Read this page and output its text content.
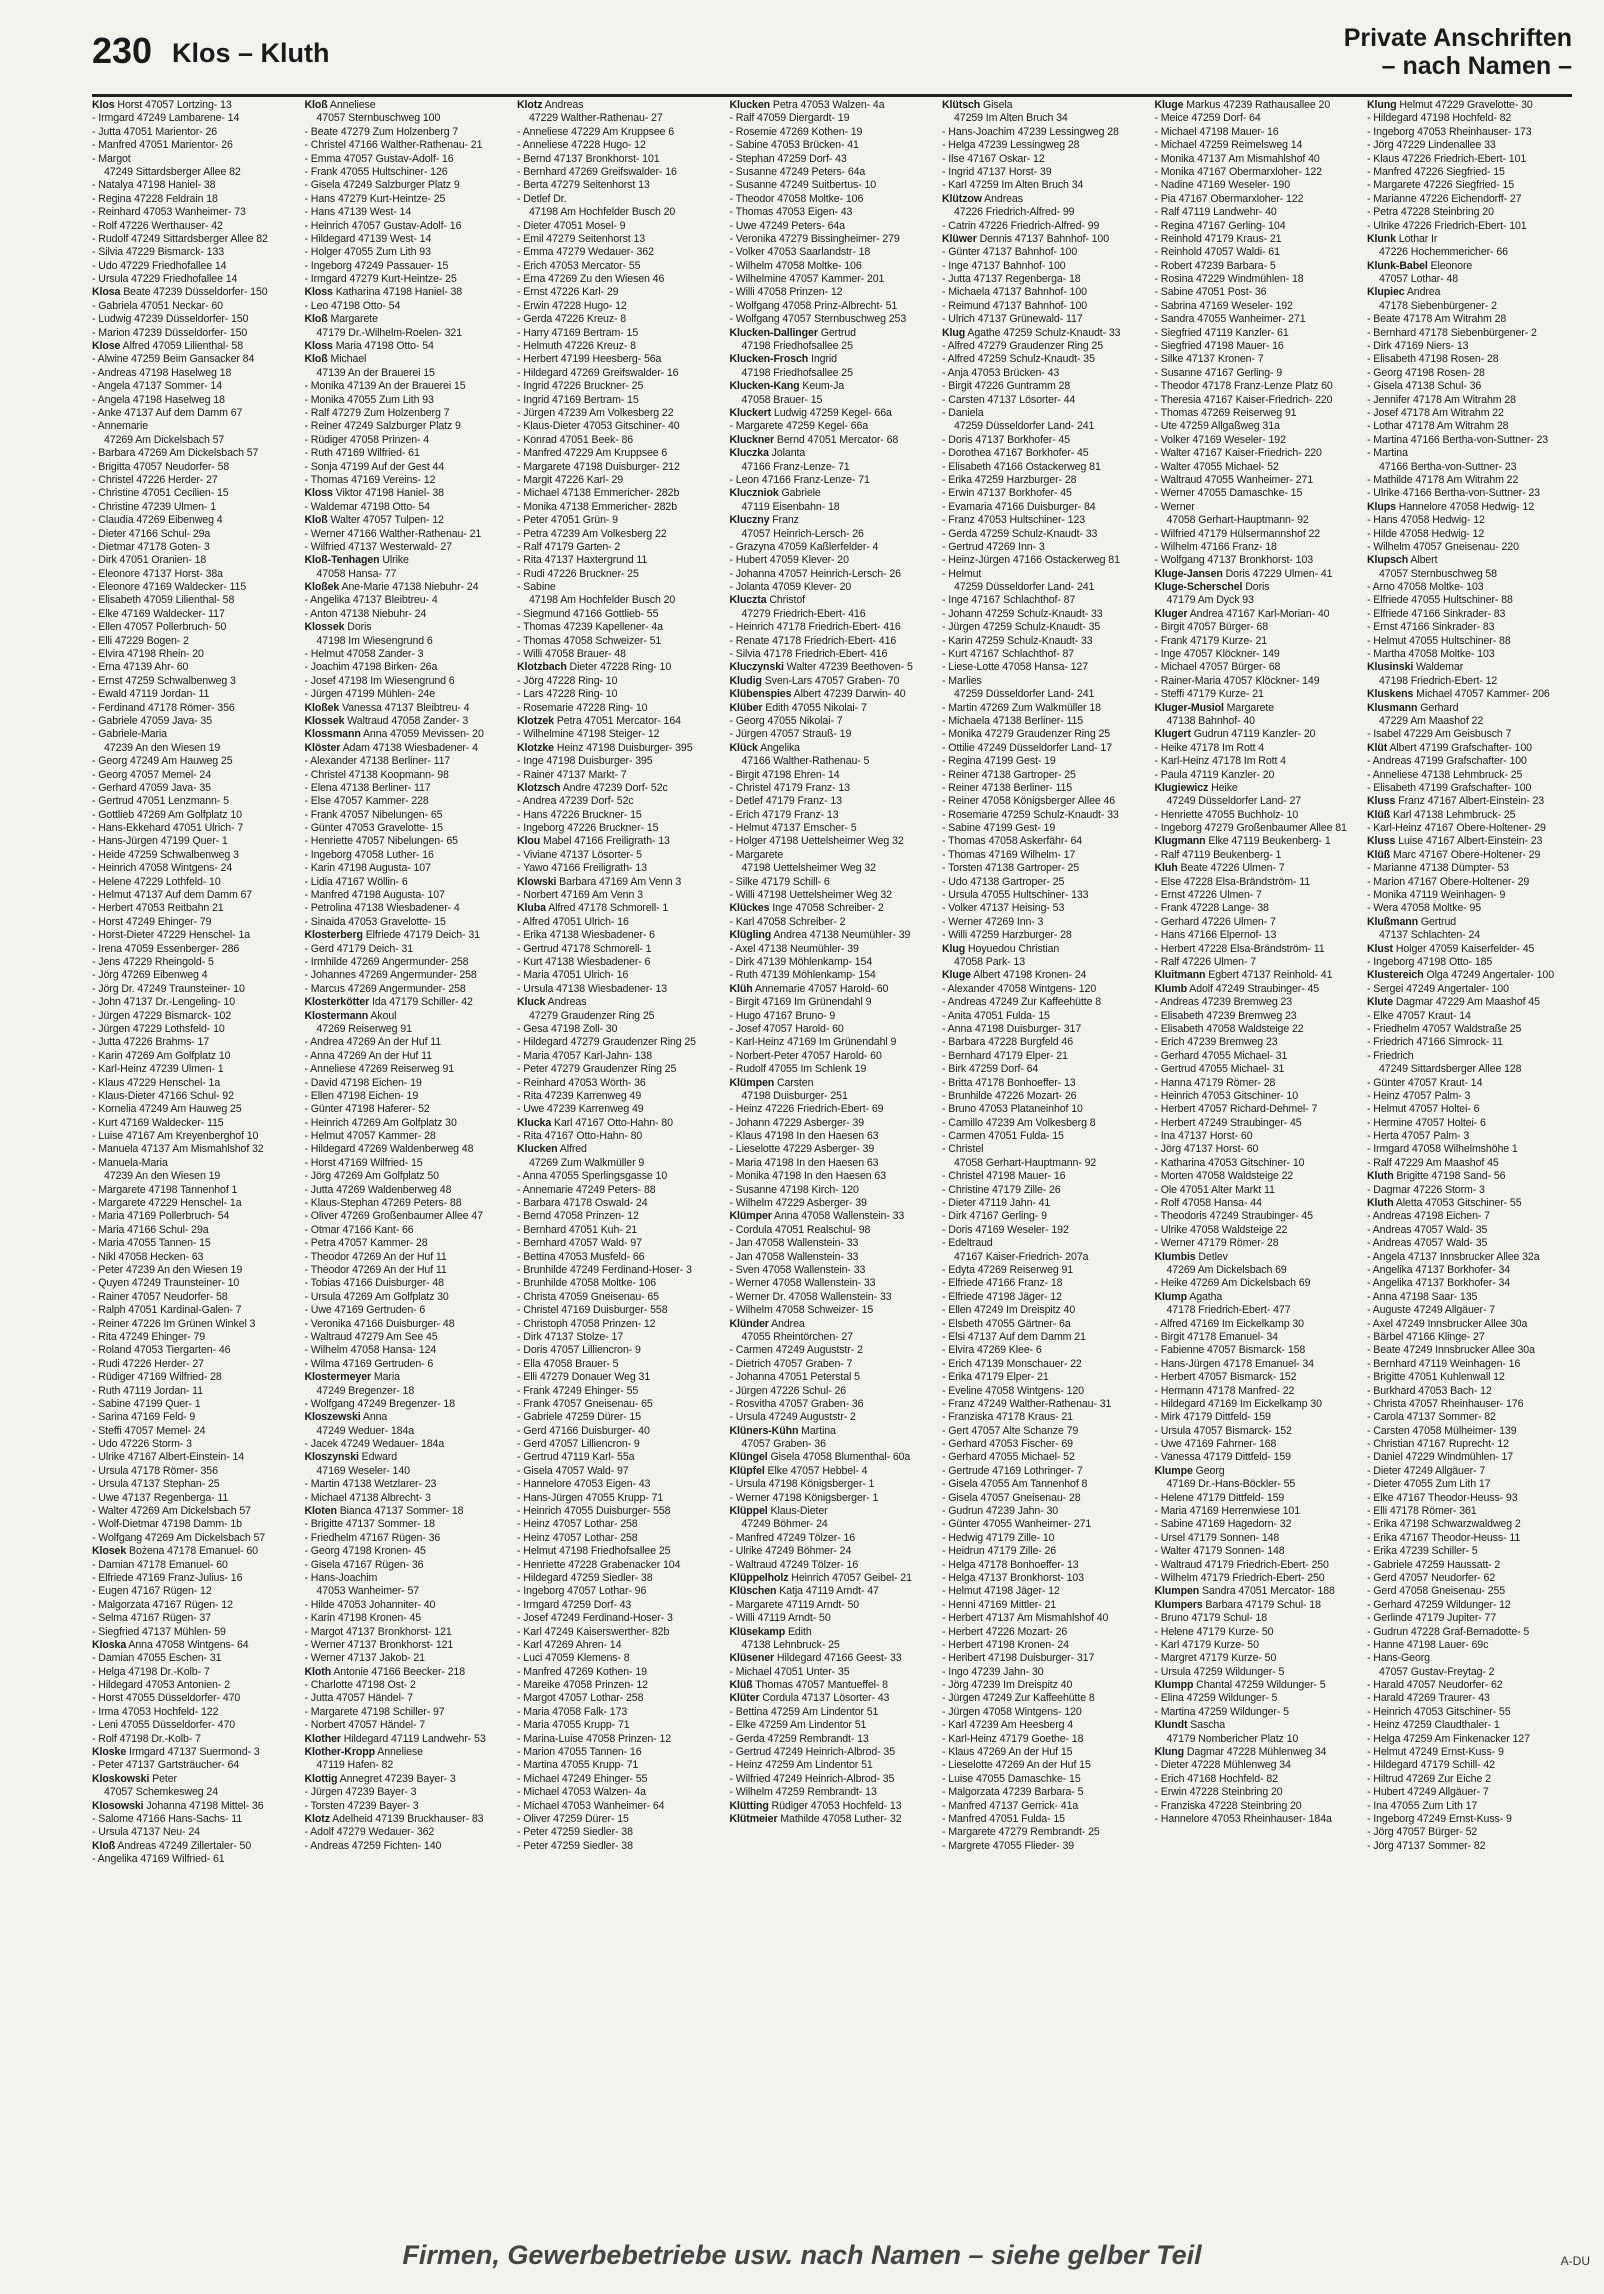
230 Klos – Kluth	Private Anschriften
– nach Namen –
Klos Horst 47057 Lortzing- 13
- Irmgard 47249 Lambarene- 14
- Jutta 47051 Marientor- 26
- Manfred 47051 Marientor- 26
- Margot
47249 Sittardsberger Allee 82
- Natalya 47198 Haniel- 38
- Regina 47228 Feldrain 18
- Reinhard 47053 Wanheimer- 73
- Rolf 47226 Werthauser- 42
- Rudolf 47249 Sittardsberger Allee 82
- Silvia 47229 Bismarck- 133
- Udo 47229 Friedhofallee 14
- Ursula 47229 Friedhofallee 14
Klosa Beate 47239 Düsseldorfer- 150
- Gabriela 47051 Neckar- 60
- Ludwig 47239 Düsseldorfer- 150
- Marion 47239 Düsseldorfer- 150
Klose Alfred 47059 Lilienthal- 58
- Alwine 47259 Beim Gansacker 84
- Andreas 47198 Haselweg 18
- Angela 47137 Sommer- 14
- Angela 47198 Haselweg 18
- Anke 47137 Auf dem Damm 67
- Annemarie
47269 Am Dickelsbach 57
- Barbara 47269 Am Dickelsbach 57
- Brigitta 47057 Neudorfer- 58
- Christel 47226 Herder- 27
- Christine 47051 Cecilien- 15
- Christine 47239 Ulmen- 1
- Claudia 47269 Eibenweg 4
- Dieter 47166 Schul- 29a
- Dietmar 47178 Goten- 3
- Dirk 47051 Oranien- 18
- Eleonore 47137 Horst- 38a
- Eleonore 47169 Waldecker- 115
- Elisabeth 47059 Lilienthal- 58
- Elke 47169 Waldecker- 117
- Ellen 47057 Pollerbruch- 50
- Elli 47229 Bogen- 2
- Elvira 47198 Rhein- 20
- Erna 47139 Ahr- 60
- Ernst 47259 Schwalbenweg 3
- Ewald 47119 Jordan- 11
- Ferdinand 47178 Römer- 356
- Gabriele 47059 Java- 35
- Gabriele-Maria
47239 An den Wiesen 19
- Georg 47249 Am Hauweg 25
- Georg 47057 Memel- 24
- Gerhard 47059 Java- 35
- Gertrud 47051 Lenzmann- 5
- Gottlieb 47269 Am Golfplatz 10
- Hans-Ekkehard 47051 Ulrich- 7
- Hans-Jürgen 47199 Quer- 1
- Heide 47259 Schwalbenweg 3
- Heinrich 47058 Wintgens- 24
- Helene 47229 Lothfeld- 10
- Helmut 47137 Auf dem Damm 67
- Herbert 47053 Reitbahn 21
- Horst 47249 Ehinger- 79
- Horst-Dieter 47229 Henschel- 1a
- Irena 47059 Essenberger- 286
- Jens 47229 Rheingold- 5
- Jörg 47269 Eibenweg 4
- Jörg Dr. 47249 Traunsteiner- 10
- John 47137 Dr.-Lengeling- 10
- Jürgen 47229 Bismarck- 102
- Jürgen 47229 Lothsfeld- 10
- Jutta 47226 Brahms- 17
- Karin 47269 Am Golfplatz 10
- Karl-Heinz 47239 Ulmen- 1
- Klaus 47229 Henschel- 1a
- Klaus-Dieter 47166 Schul- 92
- Kornelia 47249 Am Hauweg 25
- Kurt 47169 Waldecker- 115
- Luise 47167 Am Kreyenberghof 10
- Manuela 47137 Am Mismahlshof 32
- Manuela-Maria
47239 An den Wiesen 19
- Margarete 47198 Tannenhof 1
- Margarete 47229 Henschel- 1a
- Maria 47169 Pollerbruch- 54
- Maria 47166 Schul- 29a
- Maria 47055 Tannen- 15
- Nikl 47058 Hecken- 63
- Peter 47239 An den Wiesen 19
- Quyen 47249 Traunsteiner- 10
- Rainer 47057 Neudorfer- 58
- Ralph 47051 Kardinal-Galen- 7
- Reiner 47226 Im Grünen Winkel 3
- Rita 47249 Ehinger- 79
- Roland 47053 Tiergarten- 46
- Rudi 47226 Herder- 27
- Rüdiger 47169 Wilfried- 28
- Ruth 47119 Jordan- 11
- Sabine 47199 Quer- 1
- Sarina 47169 Feld- 9
- Steffi 47057 Memel- 24
- Udo 47226 Storm- 3
- Ulrike 47167 Albert-Einstein- 14
- Ursula 47178 Römer- 356
- Ursula 47137 Stephan- 25
- Uwe 47137 Regenberga- 11
- Walter 47269 Am Dickelsbach 57
- Wolf-Dietmar 47198 Damm- 1b
- Wolfgang 47269 Am Dickelsbach 57
Klosek Bożena 47178 Emanuel- 60
- Damian 47178 Emanuel- 60
- Elfriede 47169 Franz-Julius- 16
- Eugen 47167 Rügen- 12
- Malgorzata 47167 Rügen- 12
- Selma 47167 Rügen- 37
- Siegfried 47137 Mühlen- 59
Kloska Anna 47058 Wintgens- 64
- Damian 47055 Eschen- 31
- Helga 47198 Dr.-Kolb- 7
- Hildegard 47053 Antonien- 2
- Horst 47055 Düsseldorfer- 470
- Irma 47053 Hochfeld- 122
- Leni 47055 Düsseldorfer- 470
- Rolf 47198 Dr.-Kolb- 7
Kloske Irmgard 47137 Suermond- 3
- Peter 47137 Gartsträucher- 64
Kloskowski Peter
47057 Schemkesweg 24
Klosowski Johanna 47198 Mittel- 36
- Salome 47166 Hans-Sachs- 11
- Ursula 47137 Neu- 24
Kloß Andreas 47249 Zillertaler- 50
- Angelika 47169 Wilfried- 61
Kloß Anneliese
47057 Sternbuschweg 100
- Beate 47279 Zum Holzenberg 7
- Christel 47166 Walther-Rathenau- 21
- Emma 47057 Gustav-Adolf- 16
- Frank 47055 Hultschiner- 126
- Gisela 47249 Salzburger Platz 9
- Hans 47279 Kurt-Heintze- 25
- Hans 47139 West- 14
- Heinrich 47057 Gustav-Adolf- 16
- Hildegard 47139 West- 14
- Holger 47055 Zum Lith 93
- Ingeborg 47249 Passauer- 15
- Irmgard 47279 Kurt-Heintze- 25
Kloss Katharina 47198 Haniel- 38
- Leo 47198 Otto- 54
Kloß Margarete
47179 Dr.-Wilhelm-Roelen- 321
Kloss Maria 47198 Otto- 54
Kloß Michael
47139 An der Brauerei 15
- Monika 47139 An der Brauerei 15
- Monika 47055 Zum Lith 93
- Ralf 47279 Zum Holzenberg 7
- Reiner 47249 Salzburger Platz 9
- Rüdiger 47058 Prinzen- 4
- Ruth 47169 Wilfried- 61
- Sonja 47199 Auf der Gest 44
- Thomas 47169 Vereins- 12
Kloss Viktor 47198 Haniel- 38
- Waldemar 47198 Otto- 54
Kloß Walter 47057 Tulpen- 12
- Werner 47166 Walther-Rathenau- 21
- Wilfried 47137 Westerwald- 27
Kloß-Tenhagen Ulrike
47058 Hansa- 77
Kloßek Ane-Marie 47138 Niebuhr- 24
- Angelika 47137 Bleibtreu- 4
- Anton 47138 Niebuhr- 24
Klossek Doris
47198 Im Wiesengrund 6
- Helmut 47058 Zander- 3
- Joachim 47198 Birken- 26a
- Josef 47198 Im Wiesengrund 6
- Jürgen 47199 Mühlen- 24e
Kloßek Vanessa 47137 Bleibtreu- 4
Klossek Waltraud 47058 Zander- 3
Klossmann Anna 47059 Mevissen- 20
Klöster Adam 47138 Wiesbadener- 4
- Alexander 47138 Berliner- 117
- Christel 47138 Koopmann- 98
- Elena 47138 Berliner- 117
- Else 47057 Kammer- 228
- Frank 47057 Nibelungen- 65
- Günter 47053 Gravelotte- 15
- Henriette 47057 Nibelungen- 65
- Ingeborg 47058 Luther- 16
- Karin 47198 Augusta- 107
- Lidia 47167 Wöllin- 6
- Manfred 47198 Augusta- 107
- Petrolina 47138 Wiesbadener- 4
- Sinaida 47053 Gravelotte- 15
Klosterberg Elfriede 47179 Deich- 31
- Gerd 47179 Deich- 31
- Irmhilde 47269 Angermunder- 258
- Johannes 47269 Angermunder- 258
- Marcus 47269 Angermunder- 258
Klosterkötter Ida 47179 Schiller- 42
Klostermann Akoul
47269 Reiserweg 91
- Andrea 47269 An der Huf 11
- Anna 47269 An der Huf 11
- Anneliese 47269 Reiserweg 91
- David 47198 Eichen- 19
- Ellen 47198 Eichen- 19
- Günter 47198 Haferer- 52
- Heinrich 47269 Am Golfplatz 30
- Helmut 47057 Kammer- 28
- Hildegard 47269 Waldenberweg 48
- Horst 47169 Wilfried- 15
- Jörg 47269 Am Golfplatz 50
- Jutta 47269 Waldenberweg 48
- Klaus-Stephan 47269 Peters- 88
- Oliver 47269 Großenbaumer Allee 47
- Otmar 47166 Kant- 66
- Petra 47057 Kammer- 28
- Theodor 47269 An der Huf 11
- Theodor 47269 An der Huf 11
- Tobias 47166 Duisburger- 48
- Ursula 47269 Am Golfplatz 30
- Uwe 47169 Gertruden- 6
- Veronika 47166 Duisburger- 48
- Waltraud 47279 Am See 45
- Wilhelm 47058 Hansa- 124
- Wilma 47169 Gertruden- 6
Klostermeyer Maria
47249 Bregenzer- 18
- Wolfgang 47249 Bregenzer- 18
Kloszewski Anna
47249 Weduer- 184a
- Jacek 47249 Wedauer- 184a
Kloszynski Edward
47169 Weseler- 140
- Martin 47138 Wetzlarer- 23
- Michael 47138 Albrecht- 3
Kloten Bianca 47137 Sommer- 18
- Brigitte 47137 Sommer- 18
- Friedhelm 47167 Rügen- 36
- Georg 47198 Kronen- 45
- Gisela 47167 Rügen- 36
- Hans-Joachim
47053 Wanheimer- 57
- Hilde 47053 Johanniter- 40
- Karin 47198 Kronen- 45
- Margot 47137 Bronkhorst- 121
- Werner 47137 Bronkhorst- 121
- Werner 47137 Jakob- 21
Kloth Antonie 47166 Beecker- 218
- Charlotte 47198 Ost- 2
- Jutta 47057 Händel- 7
- Margarete 47198 Schiller- 97
- Norbert 47057 Händel- 7
Klother Hildegard 47119 Landwehr- 53
Klother-Kropp Anneliese
47119 Hafen- 82
Klottig Annegret 47239 Bayer- 3
- Jürgen 47239 Bayer- 3
- Torsten 47239 Bayer- 3
Klotz Adelheid 47139 Bruckhauser- 83
- Adolf 47279 Wedauer- 362
- Andreas 47259 Fichten- 140
Klotz Andreas
47229 Walther-Rathenau- 27
- Anneliese 47229 Am Kruppsee 6
- Anneliese 47228 Hugo- 12
- Bernd 47137 Bronkhorst- 101
- Bernhard 47269 Greifswalder- 16
- Berta 47279 Seitenhorst 13
- Detlef Dr.
47198 Am Hochfelder Busch 20
- Dieter 47051 Mosel- 9
- Emil 47279 Seitenhorst 13
- Emma 47279 Wedauer- 362
- Erich 47053 Mercator- 55
- Erna 47269 Zu den Wiesen 46
- Ernst 47226 Karl- 29
- Erwin 47228 Hugo- 12
- Gerda 47226 Kreuz- 8
- Harry 47169 Bertram- 15
- Helmuth 47226 Kreuz- 8
- Herbert 47199 Heesberg- 56a
- Hildegard 47269 Greifswalder- 16
- Ingrid 47226 Bruckner- 25
- Ingrid 47169 Bertram- 15
- Jürgen 47239 Am Volkesberg 22
- Klaus-Dieter 47053 Gitschiner- 40
- Konrad 47051 Beek- 86
- Manfred 47229 Am Kruppsee 6
- Margarete 47198 Duisburger- 212
- Margit 47226 Karl- 29
- Michael 47138 Emmericher- 282b
- Monika 47138 Emmericher- 282b
- Peter 47051 Grün- 9
- Petra 47239 Am Volkesberg 22
- Ralf 47179 Garten- 2
- Rita 47137 Haxtergrund 11
- Rudi 47226 Bruckner- 25
- Sabine
47198 Am Hochfelder Busch 20
- Siegmund 47166 Gottlieb- 55
- Thomas 47239 Kapellener- 4a
- Thomas 47058 Schweizer- 51
- Willi 47058 Brauer- 48
Klotzbach Dieter 47228 Ring- 10
- Jörg 47228 Ring- 10
- Lars 47228 Ring- 10
- Rosemarie 47228 Ring- 10
Klotzek Petra 47051 Mercator- 164
- Wilhelmine 47198 Steiger- 12
Klotzke Heinz 47198 Duisburger- 395
- Inge 47198 Duisburger- 395
- Rainer 47137 Markt- 7
Klotzsch Andre 47239 Dorf- 52c
- Andrea 47239 Dorf- 52c
- Hans 47226 Bruckner- 15
- Ingeborg 47226 Bruckner- 15
Klou Mabel 47166 Freiligrath- 13
- Viviane 47137 Lösorter- 5
- Yawo 47166 Freiligrath- 13
Klowski Barbara 47169 Am Venn 3
- Norbert 47169 Am Venn 3
Kluba Alfred 47178 Schmorell- 1
- Alfred 47051 Ulrich- 16
- Erika 47138 Wiesbadener- 6
- Gertrud 47178 Schmorell- 1
- Kurt 47138 Wiesbadener- 6
- Maria 47051 Ulrich- 16
- Ursula 47138 Wiesbadener- 13
Kluck Andreas
47279 Graudenzer Ring 25
- Gesa 47198 Zoll- 30
- Hildegard 47279 Graudenzer Ring 25
- Maria 47057 Karl-Jahn- 138
- Peter 47279 Graudenzer Ring 25
- Reinhard 47053 Wörth- 36
- Rita 47239 Karrenweg 49
- Uwe 47239 Karrenweg 49
Klucka Karl 47167 Otto-Hahn- 80
- Rita 47167 Otto-Hahn- 80
Klucken Alfred
47269 Zum Walkmüller 9
- Anna 47055 Sperlingsgasse 10
- Annemarie 47249 Peters- 88
- Barbara 47178 Oswald- 24
- Bernd 47058 Prinzen- 12
- Bernhard 47051 Kuh- 21
- Bernhard 47057 Wald- 97
- Bettina 47053 Musfeld- 66
- Brunhilde 47249 Ferdinand-Hoser- 3
- Brunhilde 47058 Moltke- 106
- Christa 47059 Gneisenau- 65
- Christel 47169 Duisburger- 558
- Christoph 47058 Prinzen- 12
- Dirk 47137 Stolze- 17
- Doris 47057 Lilliencron- 9
- Ella 47058 Brauer- 5
- Elli 47279 Donauer Weg 31
- Frank 47249 Ehinger- 55
- Frank 47057 Gneisenau- 65
- Gabriele 47259 Dürer- 15
- Gerd 47166 Duisburger- 40
- Gerd 47057 Lilliencron- 9
- Gertrud 47119 Karl- 55a
- Gisela 47057 Wald- 97
- Hannelore 47053 Eigen- 43
- Hans-Jürgen 47055 Krupp- 71
- Heinrich 47055 Duisburger- 558
- Heinz 47057 Lothar- 258
- Heinz 47057 Lothar- 258
- Helmut 47198 Friedhofsallee 25
- Henriette 47228 Grabenacker 104
- Hildegard 47259 Siedler- 38
- Ingeborg 47057 Lothar- 96
- Irmgard 47259 Dorf- 43
- Josef 47249 Ferdinand-Hoser- 3
- Karl 47249 Kaiserswerther- 82b
- Karl 47269 Ahren- 14
- Luci 47059 Klemens- 8
- Manfred 47269 Kothen- 19
- Mareike 47058 Prinzen- 12
- Margot 47057 Lothar- 258
- Maria 47058 Falk- 173
- Maria 47055 Krupp- 71
- Marina-Luise 47058 Prinzen- 12
- Marion 47055 Tannen- 16
- Martina 47055 Krupp- 71
- Michael 47249 Ehinger- 55
- Michael 47053 Walzen- 4a
- Michael 47053 Wanheimer- 64
- Oliver 47259 Dürer- 15
- Peter 47259 Siedler- 38
- Peter 47259 Siedler- 38
Klucken Petra 47053 Walzen- 4a
- Ralf 47059 Diergardt- 19
- Rosemie 47269 Kothen- 19
- Sabine 47053 Brücken- 41
- Stephan 47259 Dorf- 43
- Susanne 47249 Peters- 64a
- Susanne 47249 Suitbertus- 10
- Theodor 47058 Moltke- 106
- Thomas 47053 Eigen- 43
- Uwe 47249 Peters- 64a
- Veronika 47279 Bissingheimer- 279
- Volker 47053 Saarlandstr- 18
- Wilhelm 47058 Moltke- 106
- Wilhelmine 47057 Kammer- 201
- Willi 47058 Prinzen- 12
- Wolfgang 47058 Prinz-Albrecht- 51
- Wolfgang 47057 Sternbuschweg 253
Klucken-Dallinger Gertrud
47198 Friedhofsallee 25
Klucken-Frosch Ingrid
47198 Friedhofsallee 25
Klucken-Kang Keum-Ja
47058 Brauer- 15
Kluckert Ludwig 47259 Kegel- 66a
- Margarete 47259 Kegel- 66a
Kluckner Bernd 47051 Mercator- 68
Kluczka Jolanta
47166 Franz-Lenze- 71
- Leon 47166 Franz-Lenze- 71
Kluczniok Gabriele
47119 Eisenbahn- 18
Kluczny Franz
47057 Heinrich-Lersch- 26
- Grazyna 47059 Kaßlerfelder- 4
- Hubert 47059 Klever- 20
- Johanna 47057 Heinrich-Lersch- 26
- Jolanta 47059 Klever- 20
Kluczta Christof
47279 Friedrich-Ebert- 416
- Heinrich 47178 Friedrich-Ebert- 416
- Renate 47178 Friedrich-Ebert- 416
- Silvia 47178 Friedrich-Ebert- 416
Kluczynski Walter 47239 Beethoven- 5
Kludig Sven-Lars 47057 Graben- 70
Klübenspies Albert 47239 Darwin- 40
Klüber Edith 47055 Nikolai- 7
- Georg 47055 Nikolai- 7
- Jürgen 47057 Strauß- 19
Klück Angelika
47166 Walther-Rathenau- 5
- Birgit 47198 Ehren- 14
- Christel 47179 Franz- 13
- Detlef 47179 Franz- 13
- Erich 47179 Franz- 13
- Helmut 47137 Emscher- 5
- Holger 47198 Uettelsheimer Weg 32
- Margarete
47198 Uettelsheimer Weg 32
- Silke 47179 Schill- 6
- Willi 47198 Uettelsheimer Weg 32
Klückes Inge 47058 Schreiber- 2
- Karl 47058 Schreiber- 2
Klügling Andrea 47138 Neumühler- 39
- Axel 47138 Neumühler- 39
- Dirk 47139 Möhlenkamp- 154
- Ruth 47139 Möhlenkamp- 154
Klüh Annemarie 47057 Harold- 60
- Birgit 47169 Im Grünendahl 9
- Hugo 47167 Bruno- 9
- Josef 47057 Harold- 60
- Karl-Heinz 47169 Im Grünendahl 9
- Norbert-Peter 47057 Harold- 60
- Rudolf 47055 Im Schlenk 19
Klümpen Carsten
47198 Duisburger- 251
- Heinz 47226 Friedrich-Ebert- 69
- Johann 47229 Asberger- 39
- Klaus 47198 In den Haesen 63
- Lieselotte 47229 Asberger- 39
- Maria 47198 In den Haesen 63
- Monika 47198 In den Haesen 63
- Susanne 47198 Kirch- 120
- Wilhelm 47229 Asberger- 39
Klümper Anna 47058 Wallenstein- 33
- Cordula 47051 Realschul- 98
- Jan 47058 Wallenstein- 33
- Jan 47058 Wallenstein- 33
- Sven 47058 Wallenstein- 33
- Werner 47058 Wallenstein- 33
- Werner Dr. 47058 Wallenstein- 33
- Wilhelm 47058 Schweizer- 15
Klünder Andrea
47055 Rheintörchen- 27
- Carmen 47249 Auguststr- 2
- Dietrich 47057 Graben- 7
- Johanna 47051 Peterstal 5
- Jürgen 47226 Schul- 26
- Rosvitha 47057 Graben- 36
- Ursula 47249 Auguststr- 2
Klüners-Kühn Martina
47057 Graben- 36
Klüngel Gisela 47058 Blumenthal- 60a
Klüpfel Elke 47057 Hebbel- 4
- Ursula 47198 Königsberger- 1
- Werner 47198 Königsberger- 1
Klüppel Klaus-Dieter
47249 Böhmer- 24
- Manfred 47249 Tölzer- 16
- Ulrike 47249 Böhmer- 24
- Waltraud 47249 Tölzer- 16
Klüppelholz Heinrich 47057 Geibel- 21
Klüschen Katja 47119 Arndt- 47
- Margarete 47119 Arndt- 50
- Willi 47119 Arndt- 50
Klüsekamp Edith
47138 Lehnbruck- 25
Klüsener Hildegard 47166 Geest- 33
- Michael 47051 Unter- 35
Klüß Thomas 47057 Mantueffel- 8
Klüter Cordula 47137 Lösorter- 43
- Bettina 47259 Am Lindentor 51
- Elke 47259 Am Lindentor 51
- Gerda 47259 Rembrandt- 13
- Gertrud 47249 Heinrich-Albrod- 35
- Heinz 47259 Am Lindentor 51
- Wilfried 47249 Heinrich-Albrod- 35
- Wilhelm 47259 Rembrandt- 13
Klütting Rüdiger 47053 Hochfeld- 13
Klütmeier Mathilde 47058 Luther- 32
Klütsch Gisela
47259 Im Alten Bruch 34
- Hans-Joachim 47239 Lessingweg 28
- Helga 47239 Lessingweg 28
- Ilse 47167 Oskar- 12
- Ingrid 47137 Horst- 39
- Karl 47259 Im Alten Bruch 34
Klützow Andreas
47226 Friedrich-Alfred- 99
- Catrin 47226 Friedrich-Alfred- 99
Klüwer Dennis 47137 Bahnhof- 100
- Günter 47137 Bahnhof- 100
- Inge 47137 Bahnhof- 100
- Jutta 47137 Regenberga- 18
- Michaela 47137 Bahnhof- 100
- Reimund 47137 Bahnhof- 100
- Ulrich 47137 Grünewald- 117
Klug Agathe 47259 Schulz-Knaudt- 33
- Alfred 47279 Graudenzer Ring 25
- Alfred 47259 Schulz-Knaudt- 35
- Anja 47053 Brücken- 43
- Birgit 47226 Guntramm 28
- Carsten 47137 Lösorter- 44
- Daniela
47259 Düsseldorfer Land- 241
- Doris 47137 Borkhofer- 45
- Dorothea 47167 Borkhofer- 45
- Elisabeth 47166 Ostackerweg 81
- Erika 47259 Harzburger- 28
- Erwin 47137 Borkhofer- 45
- Evamaria 47166 Duisburger- 84
- Franz 47053 Hultschiner- 123
- Gerda 47259 Schulz-Knaudt- 33
- Gertrud 47269 Inn- 3
- Heinz-Jürgen 47166 Ostackerweg 81
- Helmut
47259 Düsseldorfer Land- 241
- Inge 47167 Schlachthof- 87
- Johann 47259 Schulz-Knaudt- 33
- Jürgen 47259 Schulz-Knaudt- 35
- Karin 47259 Schulz-Knaudt- 33
- Kurt 47167 Schlachthof- 87
- Liese-Lotte 47058 Hansa- 127
- Marlies
47259 Düsseldorfer Land- 241
- Martin 47269 Zum Walkmüller 18
- Michaela 47138 Berliner- 115
- Monika 47279 Graudenzer Ring 25
- Ottilie 47249 Düsseldorfer Land- 17
- Regina 47199 Gest- 19
- Reiner 47138 Gartroper- 25
- Reiner 47138 Berliner- 115
- Reiner 47058 Königsberger Allee 46
- Rosemarie 47259 Schulz-Knaudt- 33
- Sabine 47199 Gest- 19
- Thomas 47058 Askerfähr- 64
- Thomas 47169 Wilhelm- 17
- Torsten 47138 Gartroper- 25
- Udo 47138 Gartroper- 25
- Ursula 47055 Hultschiner- 133
- Volker 47137 Heising- 53
- Werner 47269 Inn- 3
- Willi 47259 Harzburger- 28
Klug Hoyuedou Christian
47058 Park- 13
Kluge Albert 47198 Kronen- 24
- Alexander 47058 Wintgens- 120
- Andreas 47249 Zur Kaffeehütte 8
- Anita 47051 Fulda- 15
- Anna 47198 Duisburger- 317
- Barbara 47228 Burgfeld 46
- Bernhard 47179 Elper- 21
- Birk 47259 Dorf- 64
- Britta 47178 Bonhoeffer- 13
- Brunhilde 47226 Mozart- 26
- Bruno 47053 Plataneinhof 10
- Camillo 47239 Am Volkesberg 8
- Carmen 47051 Fulda- 15
- Christel
47058 Gerhart-Hauptmann- 92
- Christel 47198 Mauer- 16
- Christine 47179 Zille- 26
- Dieter 47119 Jahn- 41
- Dirk 47167 Gerling- 9
- Doris 47169 Weseler- 192
- Edeltraud
47167 Kaiser-Friedrich- 207a
- Edyta 47269 Reiserweg 91
- Elfriede 47166 Franz- 18
- Elfriede 47198 Jäger- 12
- Ellen 47249 Im Dreispitz 40
- Elsbeth 47055 Gärtner- 6a
- Elsi 47137 Auf dem Damm 21
- Elvira 47269 Klee- 6
- Erich 47139 Monschauer- 22
- Erika 47179 Elper- 21
- Eveline 47058 Wintgens- 120
- Franz 47249 Walther-Rathenau- 31
- Franziska 47178 Kraus- 21
- Gert 47057 Alte Schanze 79
- Gerhard 47053 Fischer- 69
- Gerhard 47055 Michael- 52
- Gertrude 47169 Lothringer- 7
- Gisela 47055 Am Tannenhof 8
- Gisela 47057 Gneisenau- 28
- Gudrun 47239 Jahn- 30
- Günter 47055 Wanheimer- 271
- Hedwig 47179 Zille- 10
- Heidrun 47179 Zille- 26
- Helga 47178 Bonhoeffer- 13
- Helga 47137 Bronkhorst- 103
- Helmut 47198 Jäger- 12
- Henni 47169 Mittler- 21
- Herbert 47137 Am Mismahlshof 40
- Herbert 47226 Mozart- 26
- Herbert 47198 Kronen- 24
- Heribert 47198 Duisburger- 317
- Ingo 47239 Jahn- 30
- Jörg 47239 Im Dreispitz 40
- Jürgen 47249 Zur Kaffeehütte 8
- Jürgen 47058 Wintgens- 120
- Karl 47239 Am Heesberg 4
- Karl-Heinz 47179 Goethe- 18
- Klaus 47269 An der Huf 15
- Lieselotte 47269 An der Huf 15
- Luise 47055 Damaschke- 15
- Malgorzata 47239 Barbara- 5
- Manfred 47137 Gerrick- 41a
- Manfred 47051 Fulda- 15
- Margarete 47279 Rembrandt- 25
- Margrete 47055 Flieder- 39
Kluge Markus 47239 Rathausallee 20
- Meice 47259 Dorf- 64
- Michael 47198 Mauer- 16
- Michael 47259 Reimelsweg 14
- Monika 47137 Am Mismahlshof 40
- Monika 47167 Obermarxloher- 122
- Nadine 47169 Weseler- 190
- Pia 47167 Obermarxloher- 122
- Ralf 47119 Landwehr- 40
- Regina 47167 Gerling- 104
- Reinhold 47179 Kraus- 21
- Reinhold 47057 Waldi- 61
- Robert 47239 Barbara- 5
- Rosina 47229 Windmühlen- 18
- Sabine 47051 Post- 36
- Sabrina 47169 Weseler- 192
- Sandra 47055 Wanheimer- 271
- Siegfried 47119 Kanzler- 61
- Siegfried 47198 Mauer- 16
- Silke 47137 Kronen- 7
- Susanne 47167 Gerling- 9
- Theodor 47178 Franz-Lenze Platz 60
- Theresia 47167 Kaiser-Friedrich- 220
- Thomas 47269 Reiserweg 91
- Ute 47259 Allgaßweg 31a
- Volker 47169 Weseler- 192
- Walter 47167 Kaiser-Friedrich- 220
- Walter 47055 Michael- 52
- Waltraud 47055 Wanheimer- 271
- Werner 47055 Damaschke- 15
- Werner
47058 Gerhart-Hauptmann- 92
- Wilfried 47179 Hülsermannshof 22
- Wilhelm 47166 Franz- 18
- Wolfgang 47137 Bronkhorst- 103
Kluge-Jansen Doris 47229 Ulmen- 41
Kluge-Scherschel Doris
47179 Am Dyck 93
Kluger Andrea 47167 Karl-Morian- 40
- Birgit 47057 Bürger- 68
- Frank 47179 Kurze- 21
- Inge 47057 Klöckner- 149
- Michael 47057 Bürger- 68
- Rainer-Maria 47057 Klöckner- 149
- Steffi 47179 Kurze- 21
Kluger-Musiol Margarete
47138 Bahnhof- 40
Klugert Gudrun 47119 Kanzler- 20
- Heike 47178 Im Rott 4
- Karl-Heinz 47178 Im Rott 4
- Paula 47119 Kanzler- 20
Klugiewicz Heike
47249 Düsseldorfer Land- 27
- Henriette 47055 Buchholz- 10
- Ingeborg 47279 Großenbaumer Allee 81
Klugmann Elke 47119 Beukenberg- 1
- Ralf 47119 Beukenberg- 1
Kluh Beate 47226 Ulmen- 7
- Else 47228 Elsa-Brändström- 11
- Ernst 47226 Ulmen- 7
- Frank 47228 Lange- 38
- Gerhard 47226 Ulmen- 7
- Hans 47166 Elpernof- 13
- Herbert 47228 Elsa-Brändström- 11
- Ralf 47226 Ulmen- 7
Kluitmann Egbert 47137 Reinhold- 41
Klumb Adolf 47249 Straubinger- 45
- Andreas 47239 Bremweg 23
- Elisabeth 47239 Bremweg 23
- Elisabeth 47058 Waldsteige 22
- Erich 47239 Bremweg 23
- Gerhard 47055 Michael- 31
- Gertrud 47055 Michael- 31
- Hanna 47179 Römer- 28
- Heinrich 47053 Gitschiner- 10
- Herbert 47057 Richard-Dehmel- 7
- Herbert 47249 Straubinger- 45
- Ina 47137 Horst- 60
- Jörg 47137 Horst- 60
- Katharina 47053 Gitschiner- 10
- Morten 47058 Waldsteige 22
- Ole 47051 Alter Markt 11
- Rolf 47058 Hansa- 44
- Theodoris 47249 Straubinger- 45
- Ulrike 47058 Waldsteige 22
- Werner 47179 Römer- 28
Klumbis Detlev
47269 Am Dickelsbach 69
- Heike 47269 Am Dickelsbach 69
Klump Agatha
47178 Friedrich-Ebert- 477
- Alfred 47169 Im Eickelkamp 30
- Birgit 47178 Emanuel- 34
- Fabienne 47057 Bismarck- 158
- Hans-Jürgen 47178 Emanuel- 34
- Herbert 47057 Bismarck- 152
- Hermann 47178 Manfred- 22
- Hildegard 47169 Im Eickelkamp 30
- Mirk 47179 Dittfeld- 159
- Ursula 47057 Bismarck- 152
- Uwe 47169 Fahrner- 168
- Vanessa 47179 Dittfeld- 159
Klumpe Georg
47169 Dr.-Hans-Böckler- 55
- Helene 47179 Dittfeld- 159
- Maria 47169 Herrenwiese 101
- Sabine 47169 Hagedorn- 32
- Ursel 47179 Sonnen- 148
- Walter 47179 Sonnen- 148
- Waltraud 47179 Friedrich-Ebert- 250
- Wilhelm 47179 Friedrich-Ebert- 250
Klumpen Sandra 47051 Mercator- 188
Klumpers Barbara 47179 Schul- 18
- Bruno 47179 Schul- 18
- Helene 47179 Kurze- 50
- Karl 47179 Kurze- 50
- Margret 47179 Kurze- 50
- Ursula 47259 Wildunger- 5
Klumpp Chantal 47259 Wildunger- 5
- Elina 47259 Wildunger- 5
- Martina 47259 Wildunger- 5
Klundt Sascha
47179 Nombericher Platz 10
Klung Dagmar 47228 Mühlenweg 34
- Dieter 47228 Mühlenweg 34
- Erich 47168 Hochfeld- 82
- Erwin 47228 Steinbring 20
- Franziska 47228 Steinbring 20
- Hannelore 47053 Rheinhauser- 184a
Klung Helmut 47229 Gravelotte- 30
- Hildegard 47198 Hochfeld- 82
- Ingeborg 47053 Rheinhauser- 173
- Jörg 47229 Lindenallee 33
- Klaus 47226 Friedrich-Ebert- 101
- Manfred 47226 Siegfried- 15
- Margarete 47226 Siegfried- 15
- Marianne 47226 Eichendorff- 27
- Petra 47228 Steinbring 20
- Ulrike 47226 Friedrich-Ebert- 101
Klunk Lothar Ir
47226 Hochemmericher- 66
Klunk-Babel Eleonore
47057 Lothar- 48
Klupiec Andrea
47178 Siebenbürgener- 2
- Beate 47178 Am Witrahm 28
- Bernhard 47178 Siebenbürgener- 2
- Dirk 47169 Niers- 13
- Elisabeth 47198 Rosen- 28
- Georg 47198 Rosen- 28
- Gisela 47138 Schul- 36
- Jennifer 47178 Am Witrahm 28
- Josef 47178 Am Witrahm 22
- Lothar 47178 Am Witrahm 28
- Martina 47166 Bertha-von-Suttner- 23
- Martina
47166 Bertha-von-Suttner- 23
- Mathilde 47178 Am Witrahm 22
- Ulrike 47166 Bertha-von-Suttner- 23
Klups Hannelore 47058 Hedwig- 12
- Hans 47058 Hedwig- 12
- Hilde 47058 Hedwig- 12
- Wilhelm 47057 Gneisenau- 220
Klupsch Albert
47057 Sternbuschweg 58
- Arno 47058 Moltke- 103
- Elfriede 47055 Hultschiner- 88
- Elfriede 47166 Sinkrader- 83
- Ernst 47166 Sinkrader- 83
- Helmut 47055 Hultschiner- 88
- Martha 47058 Moltke- 103
Klusinski Waldemar
47198 Friedrich-Ebert- 12
Kluskens Michael 47057 Kammer- 206
Klusmann Gerhard
47229 Am Maashof 22
- Isabel 47229 Am Geisbusch 7
Klüt Albert 47199 Grafschafter- 100
- Andreas 47199 Grafschafter- 100
- Anneliese 47138 Lehmbruck- 25
- Elisabeth 47199 Grafschafter- 100
Kluss Franz 47167 Albert-Einstein- 23
Klüß Karl 47138 Lehmbruck- 25
- Karl-Heinz 47167 Obere-Holtener- 29
Kluss Luise 47167 Albert-Einstein- 23
Klüß Marc 47167 Obere-Holtener- 29
- Marianne 47138 Dümpter- 53
- Marion 47167 Obere-Holtener- 29
- Monika 47119 Weinhagen- 9
- Wera 47058 Moltke- 95
Klußmann Gertrud
47137 Schlachten- 24
Klust Holger 47059 Kaiserfelder- 45
- Ingeborg 47198 Otto- 185
Klustereich Olga 47249 Angertaler- 100
- Sergei 47249 Angertaler- 100
Klute Dagmar 47229 Am Maashof 45
- Elke 47057 Kraut- 14
- Friedhelm 47057 Waldstraße 25
- Friedrich 47166 Simrock- 11
- Friedrich
47249 Sittardsberger Allee 128
- Günter 47057 Kraut- 14
- Heinz 47057 Palm- 3
- Helmut 47057 Holtei- 6
- Hermine 47057 Holtei- 6
- Herta 47057 Palm- 3
- Irmgard 47058 Wilhelmshöhe 1
- Ralf 47229 Am Maashof 45
Kluth Brigitte 47198 Sand- 56
- Dagmar 47226 Storm- 3
Kluth Aletta 47053 Gitschiner- 55
- Andreas 47198 Eichen- 7
- Andreas 47057 Wald- 35
- Andreas 47057 Wald- 35
- Angela 47137 Innsbrucker Allee 32a
- Angelika 47137 Borkhofer- 34
- Angelika 47137 Borkhofer- 34
- Anna 47198 Saar- 135
- Auguste 47249 Allgäuer- 7
- Axel 47249 Innsbrucker Allee 30a
- Bärbel 47166 Klinge- 27
- Beate 47249 Innsbrucker Allee 30a
- Bernhard 47119 Weinhagen- 16
- Brigitte 47051 Kuhlenwall 12
- Burkhard 47053 Bach- 12
- Christa 47057 Rheinhauser- 176
- Carola 47137 Sommer- 82
- Carsten 47058 Mülheimer- 139
- Christian 47167 Ruprecht- 12
- Daniel 47229 Windmühlen- 17
- Dieter 47249 Allgäuer- 7
- Dieter 47055 Zum Lith 17
- Elke 47167 Theodor-Heuss- 93
- Elli 47178 Römer- 361
- Erika 47198 Schwarzwaldweg 2
- Erika 47167 Theodor-Heuss- 11
- Erika 47239 Schiller- 5
- Gabriele 47259 Haussatt- 2
- Gerd 47057 Neudorfer- 62
- Gerd 47058 Gneisenau- 255
- Gerhard 47259 Wildunger- 12
- Gerlinde 47179 Jupiter- 77
- Gudrun 47228 Graf-Bernadotte- 5
- Hanne 47198 Lauer- 69c
- Hans-Georg
47057 Gustav-Freytag- 2
- Harald 47057 Neudorfer- 62
- Harald 47269 Traurer- 43
- Heinrich 47053 Gitschiner- 55
- Heinz 47259 Claudthaler- 1
- Helga 47259 Am Finkenacker 127
- Helmut 47249 Ernst-Kuss- 9
- Hildegard 47179 Schill- 42
- Hiltrud 47269 Zur Eiche 2
- Hubert 47249 Allgäuer- 7
- Ina 47055 Zum Lith 17
- Ingeborg 47249 Ernst-Kuss- 9
- Jörg 47057 Bürger- 52
- Jörg 47137 Sommer- 82
Firmen, Gewerbebetriebe usw. nach Namen – siehe gelber Teil	A-DU
